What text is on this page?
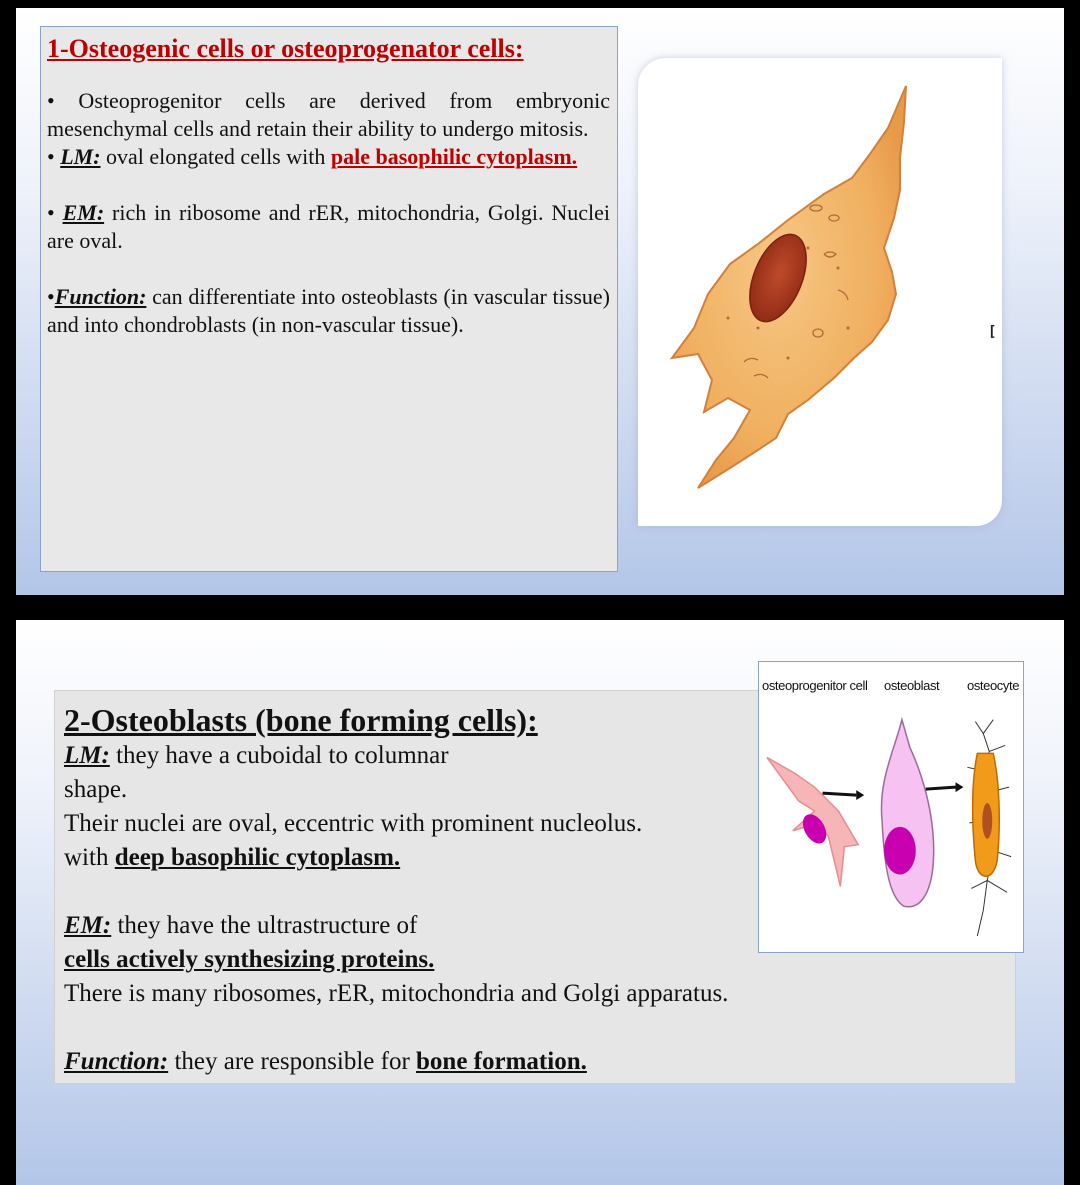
1-Osteogenic cells or osteoprogenator cells:

• Osteoprogenitor cells are derived from embryonic mesenchymal cells and retain their ability to undergo mitosis.

• LM: oval elongated cells with pale basophilic cytoplasm.

• EM: rich in ribosome and rER, mitochondria, Golgi. Nuclei are oval.

•Function: can differentiate into osteoblasts (in vascular tissue) and into chondroblasts (in non-vascular tissue).	[

2-Osteoblasts (bone forming cells):

LM: they have a cuboidal to columnar

shape.

Their nuclei are oval, eccentric with prominent nucleolus.

with deep basophilic cytoplasm.

EM: they have the ultrastructure of

cells actively synthesizing proteins.

There is many ribosomes, rER, mitochondria and Golgi apparatus.

Function: they are responsible for bone formation.

osteoprogenitor cell osteoblast osteocyte
